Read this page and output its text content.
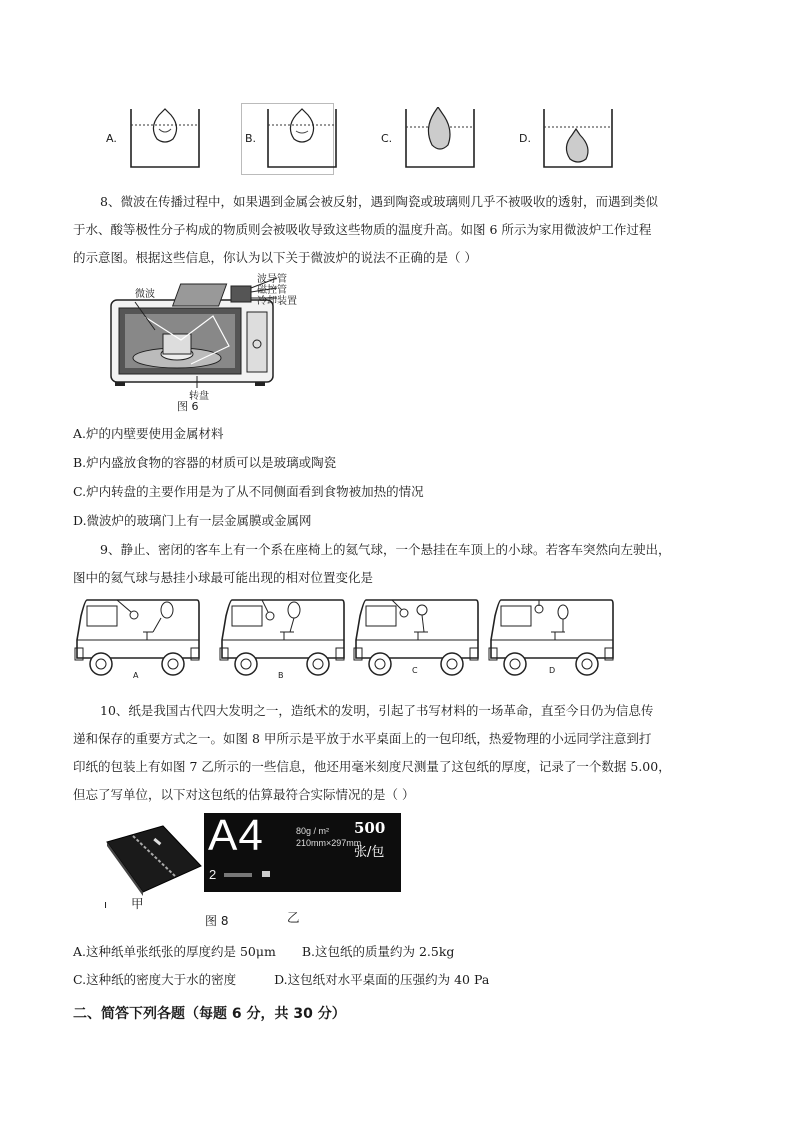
A.	B.	C.	D.
8、微波在传播过程中，如果遇到金属会被反射，遇到陶瓷或玻璃则几乎不被吸收的透射，而遇到类似
于水、酸等极性分子构成的物质则会被吸收导致这些物质的温度升高。如图 6 所示为家用微波炉工作过程
的示意图。根据这些信息，你认为以下关于微波炉的说法不正确的是（ ）
微波
波导管
磁控管
冷却装置
转盘
图 6
A.炉的内壁要使用金属材料
B.炉内盛放食物的容器的材质可以是玻璃或陶瓷
C.炉内转盘的主要作用是为了从不同侧面看到食物被加热的情况
D.微波炉的玻璃门上有一层金属膜或金属网
9、静止、密闭的客车上有一个系在座椅上的氦气球，一个悬挂在车顶上的小球。若客车突然向左驶出，
图中的氦气球与悬挂小球最可能出现的相对位置变化是
A	B
C	D
10、纸是我国古代四大发明之一，造纸术的发明，引起了书写材料的一场革命，直至今日仍为信息传
递和保存的重要方式之一。如图 8 甲所示是平放于水平桌面上的一包印纸，热爱物理的小远同学注意到打
印纸的包装上有如图 7 乙所示的一些信息，他还用毫米刻度尺测量了这包纸的厚度，记录了一个数据 5.00，
但忘了写单位，以下对这包纸的估算最符合实际情况的是（ ）
ı 甲
A4	80g / m²
210mm×297mm
500
张/包
2
图 8	乙
A.这种纸单张纸张的厚度约是 50μm B.这包纸的质量约为 2.5kg
C.这种纸的密度大于水的密度	D.这包纸对水平桌面的压强约为 40 Pa
二、简答下列各题（每题 6 分，共 30 分）
